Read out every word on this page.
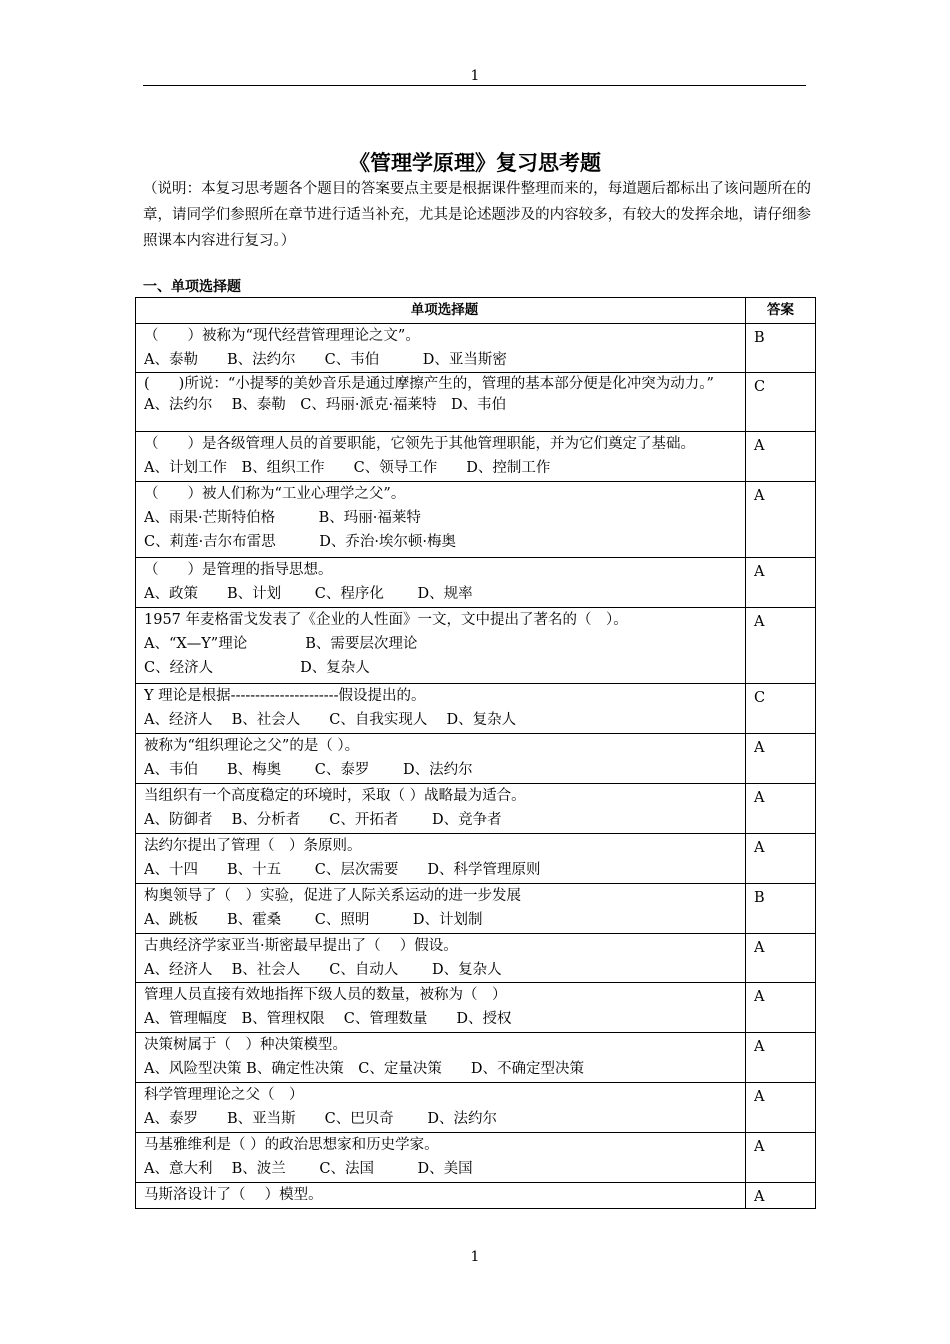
1
《管理学原理》复习思考题
（说明：本复习思考题各个题目的答案要点主要是根据课件整理而来的，每道题后都标出了该问题所在的章，请同学们参照所在章节进行适当补充，尤其是论述题涉及的内容较多，有较大的发挥余地，请仔细参照课本内容进行复习。）
一、单项选择题
单项选择题	答案

（　　）被称为“现代经营管理理论之文”。
A、泰勒　　B、法约尔　　C、韦伯　　　D、亚当斯密	B

(　　)所说：“小提琴的美妙音乐是通过摩擦产生的，管理的基本部分便是化冲突为动力。”
A、法约尔　 B、泰勒　C、玛丽·派克·福莱特　D、韦伯	C

（　　）是各级管理人员的首要职能，它领先于其他管理职能，并为它们奠定了基础。
A、计划工作　B、组织工作　　C、领导工作　　D、控制工作	A

（　　）被人们称为“工业心理学之父”。
A、雨果·芒斯特伯格　　　B、玛丽·福莱特
C、莉莲·吉尔布雷思　　　D、乔治·埃尔顿·梅奥	A

（　　）是管理的指导思想。
A、政策　　B、计划　　 C、程序化　　 D、规率	A

1957 年麦格雷戈发表了《企业的人性面》一文，文中提出了著名的（　）。
A、“X—Y”理论　　　　B、需要层次理论
C、经济人　　　　　　D、复杂人	A

Y 理论是根据----------------------假设提出的。
A、经济人　 B、社会人　　C、自我实现人　 D、复杂人	C

被称为“组织理论之父”的是（ ）。
A、韦伯　　B、梅奥　　 C、泰罗　　 D、法约尔	A

当组织有一个高度稳定的环境时，采取（ ）战略最为适合。
A、防御者　 B、分析者　　C、开拓者　　 D、竞争者	A

法约尔提出了管理（　）条原则。
A、十四　　B、十五　　 C、层次需要　　D、科学管理原则	A

构奥领导了（　）实验，促进了人际关系运动的进一步发展
A、跳板　　B、霍桑　　 C、照明　　　D、计划制	B

古典经济学家亚当·斯密最早提出了（　 ）假设。
A、经济人　 B、社会人　　C、自动人　　 D、复杂人	A

管理人员直接有效地指挥下级人员的数量，被称为（　）
A、管理幅度　B、管理权限　 C、管理数量　　D、授权	A

决策树属于（　）种决策模型。
A、风险型决策 B、确定性决策　C、定量决策　　D、不确定型决策	A

科学管理理论之父（　）
A、泰罗　　B、亚当斯　　C、巴贝奇　　 D、法约尔	A

马基雅维利是（ ）的政治思想家和历史学家。
A、意大利　 B、波兰　　 C、法国　　　D、美国	A

马斯洛设计了（　 ）模型。	A
1
